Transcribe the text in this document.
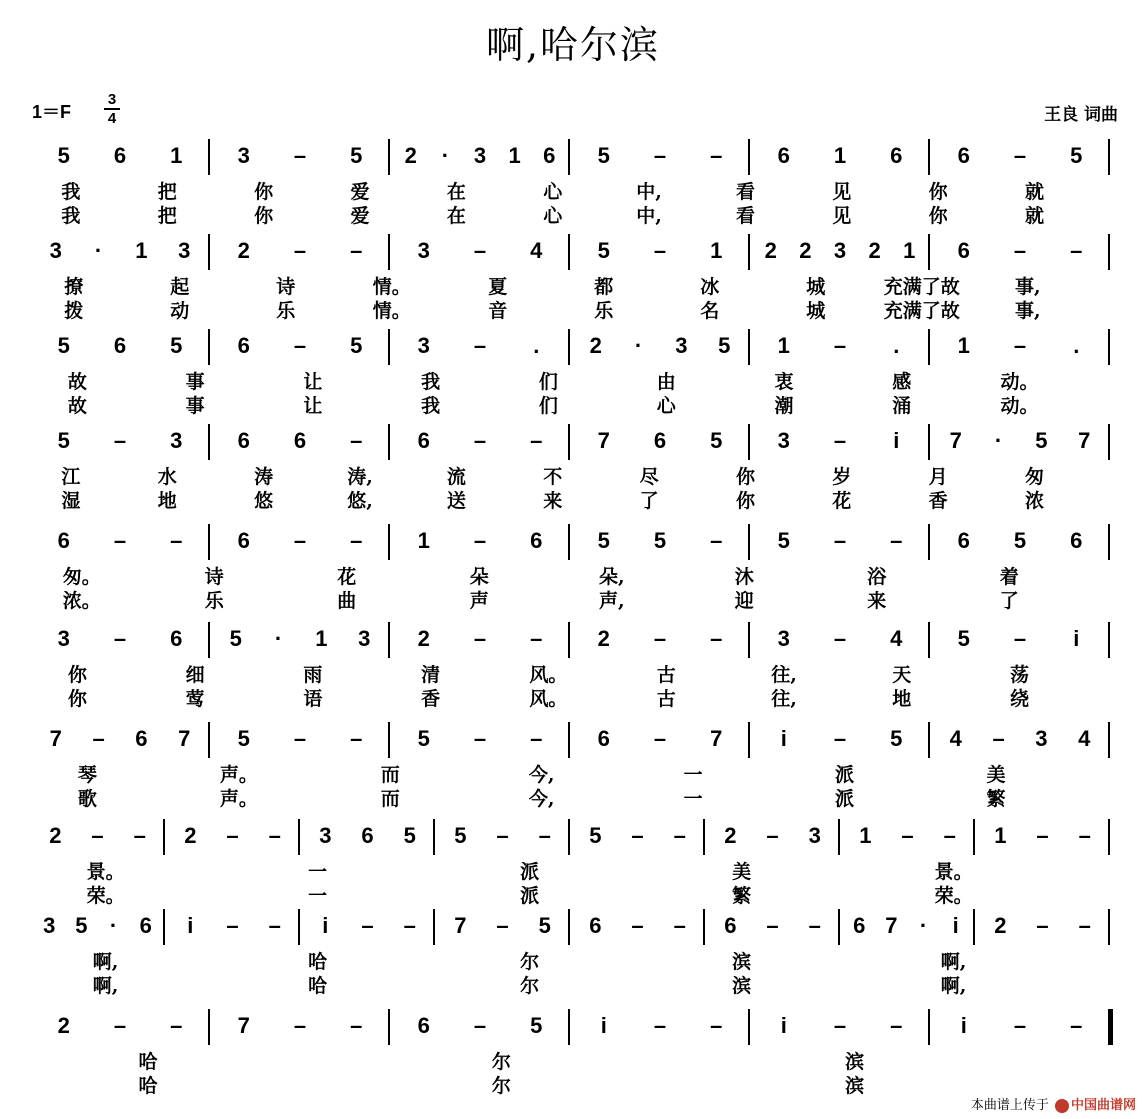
啊,哈尔滨
1＝F
3
4	王良 词曲
5 6 1	3 – 5 2 · 3 1 6 5 – –	6 1 6	6 – 5
我	把	你	爱	在	心	中,	看	见	你	就
我	把	你	爱	在	心	中,	看	见	你	就
3 · 1 3 2 – –	3 – 4	5 – 1 2 2 3 2 1 6 – –
撩	起	诗	情。	夏	都	冰	城	充满了故	事,
拨	动	乐	情。	音	乐	名	城	充满了故	事,
5 6 5	6 – 5	3 – . 2 · 3 5 1 – .	1 – .
故	事	让	我	们	由	衷	感	动。
故	事	让	我	们	心	潮	涌	动。
5 – 3	6 6 –	6 – –	7 6 5	3 – i 7 · 5 7
江	水	涛	涛,	流	不	尽	你	岁	月	匆
湿	地	悠	悠,	送	来	了	你	花	香	浓
6 – –	6 – –	1 – 6	5 5 –	5 – –	6 5 6
匆。	诗	花	朵	朵,	沐	浴	着
浓。	乐	曲	声	声,	迎	来	了
3 – 6 5 · 1 3 2 – –	2 – –	3 – 4	5 – i
你	细	雨	清	风。	古	往,	天	荡
你	莺	语	香	风。	古	往,	地	绕
7 – 6 7 5 – –	5 – –	6 – 7	i – 5 4 – 3 4
琴	声。	而	今,	一	派	美
歌	声。	而	今,	一	派	繁
2 – – 2 – – 3 6 5 5 – – 5 – – 2 – 3 1 – – 1 – –
景。	一	派	美	景。
荣。	一	派	繁	荣。
3 5 · 6 i – – i – – 7 – 5 6 – – 6 – – 6 7 · i 2 – –
啊,	哈	尔	滨	啊,
啊,	哈	尔	滨	啊,
2 – –	7 – –	6 – 5	i – –	i – –	i – –
哈	尔	滨
哈	尔	滨
本曲谱上传于 中国曲谱网
